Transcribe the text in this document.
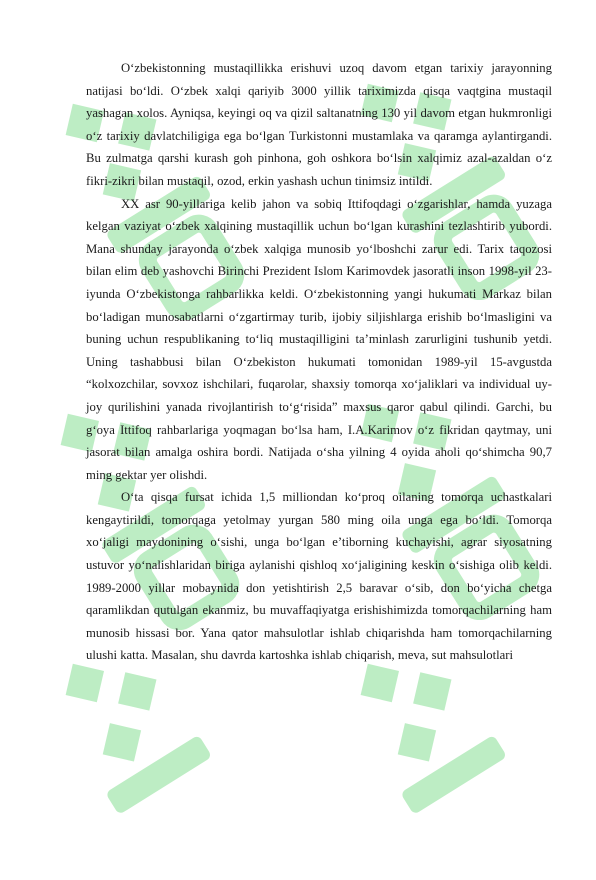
O‘zbekistonning mustaqillikka erishuvi uzoq davom etgan tarixiy jarayonning natijasi bo‘ldi. O‘zbek xalqi qariyib 3000 yillik tariximizda qisqa vaqtgina mustaqil yashagan xolos. Ayniqsa, keyingi oq va qizil saltanatning 130 yil davom etgan hukmronligi o‘z tarixiy davlatchiligiga ega bo‘lgan Turkistonni mustamlaka va qaramga aylantirgandi. Bu zulmatga qarshi kurash goh pinhona, goh oshkora bo‘lsin xalqimiz azal-azaldan o‘z fikri-zikri bilan mustaqil, ozod, erkin yashash uchun tinimsiz intildi.

XX asr 90-yillariga kelib jahon va sobiq Ittifoqdagi o‘zgarishlar, hamda yuzaga kelgan vaziyat o‘zbek xalqining mustaqillik uchun bo‘lgan kurashini tezlashtirib yubordi. Mana shunday jarayonda o‘zbek xalqiga munosib yo‘lboshchi zarur edi. Tarix taqozosi bilan elim deb yashovchi Birinchi Prezident Islom Karimovdek jasoratli inson 1998-yil 23-iyunda O‘zbekistonga rahbarlikka keldi. O‘zbekistonning yangi hukumati Markaz bilan bo‘ladigan munosabatlarni o‘zgartirmay turib, ijobiy siljishlarga erishib bo‘lmasligini va buning uchun respublikaning to‘liq mustaqilligini ta’minlash zarurligini tushunib yetdi. Uning tashabbusi bilan O‘zbekiston hukumati tomonidan 1989-yil 15-avgustda “kolxozchilar, sovxoz ishchilari, fuqarolar, shaxsiy tomorqa xo‘jaliklari va individual uy-joy qurilishini yanada rivojlantirish to‘g‘risida” maxsus qaror qabul qilindi. Garchi, bu g‘oya Ittifoq rahbarlariga yoqmagan bo‘lsa ham, I.A.Karimov o‘z fikridan qaytmay, uni jasorat bilan amalga oshira bordi. Natijada o‘sha yilning 4 oyida aholi qo‘shimcha 90,7 ming gektar yer olishdi.

O‘ta qisqa fursat ichida 1,5 milliondan ko‘proq oilaning tomorqa uchastkalari kengaytirildi, tomorqaga yetolmay yurgan 580 ming oila unga ega bo‘ldi. Tomorqa xo‘jaligi maydonining o‘sishi, unga bo‘lgan e’tiborning kuchayishi, agrar siyosatning ustuvor yo‘nalishlaridan biriga aylanishi qishloq xo‘jaligining keskin o‘sishiga olib keldi. 1989-2000 yillar mobaynida don yetishtirish 2,5 baravar o‘sib, don bo‘yicha chetga qaramlikdan qutulgan ekanmiz, bu muvaffaqiyatga erishishimizda tomorqachilarning ham munosib hissasi bor. Yana qator mahsulotlar ishlab chiqarishda ham tomorqachilarning ulushi katta. Masalan, shu davrda kartoshka ishlab chiqarish, meva, sut mahsulotlari
